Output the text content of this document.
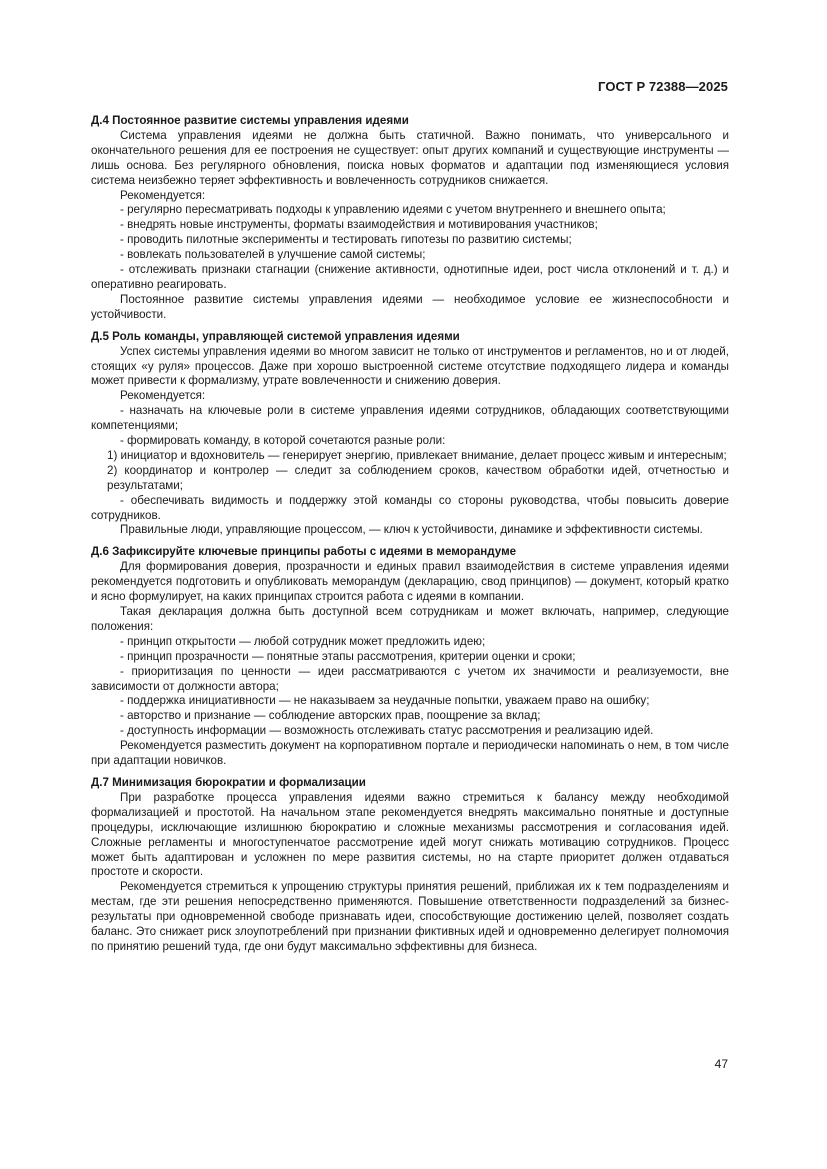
ГОСТ Р 72388—2025

Д.4 Постоянное развитие системы управления идеями

Система управления идеями не должна быть статичной. Важно понимать, что универсального и окончательного решения для ее построения не существует: опыт других компаний и существующие инструменты — лишь основа. Без регулярного обновления, поиска новых форматов и адаптации под изменяющиеся условия система неизбежно теряет эффективность и вовлеченность сотрудников снижается.

Рекомендуется:

- регулярно пересматривать подходы к управлению идеями с учетом внутреннего и внешнего опыта;

- внедрять новые инструменты, форматы взаимодействия и мотивирования участников;

- проводить пилотные эксперименты и тестировать гипотезы по развитию системы;

- вовлекать пользователей в улучшение самой системы;

- отслеживать признаки стагнации (снижение активности, однотипные идеи, рост числа отклонений и т. д.) и оперативно реагировать.

Постоянное развитие системы управления идеями — необходимое условие ее жизнеспособности и устойчивости.

Д.5 Роль команды, управляющей системой управления идеями

Успех системы управления идеями во многом зависит не только от инструментов и регламентов, но и от людей, стоящих «у руля» процессов. Даже при хорошо выстроенной системе отсутствие подходящего лидера и команды может привести к формализму, утрате вовлеченности и снижению доверия.

Рекомендуется:

- назначать на ключевые роли в системе управления идеями сотрудников, обладающих соответствующими компетенциями;

- формировать команду, в которой сочетаются разные роли:

1) инициатор и вдохновитель — генерирует энергию, привлекает внимание, делает процесс живым и интересным;

2) координатор и контролер — следит за соблюдением сроков, качеством обработки идей, отчетностью и результатами;

- обеспечивать видимость и поддержку этой команды со стороны руководства, чтобы повысить доверие сотрудников.

Правильные люди, управляющие процессом, — ключ к устойчивости, динамике и эффективности системы.

Д.6 Зафиксируйте ключевые принципы работы с идеями в меморандуме

Для формирования доверия, прозрачности и единых правил взаимодействия в системе управления идеями рекомендуется подготовить и опубликовать меморандум (декларацию, свод принципов) — документ, который кратко и ясно формулирует, на каких принципах строится работа с идеями в компании.

Такая декларация должна быть доступной всем сотрудникам и может включать, например, следующие положения:

- принцип открытости — любой сотрудник может предложить идею;

- принцип прозрачности — понятные этапы рассмотрения, критерии оценки и сроки;

- приоритизация по ценности — идеи рассматриваются с учетом их значимости и реализуемости, вне зависимости от должности автора;

- поддержка инициативности — не наказываем за неудачные попытки, уважаем право на ошибку;

- авторство и признание — соблюдение авторских прав, поощрение за вклад;

- доступность информации — возможность отслеживать статус рассмотрения и реализацию идей.

Рекомендуется разместить документ на корпоративном портале и периодически напоминать о нем, в том числе при адаптации новичков.

Д.7 Минимизация бюрократии и формализации

При разработке процесса управления идеями важно стремиться к балансу между необходимой формализацией и простотой. На начальном этапе рекомендуется внедрять максимально понятные и доступные процедуры, исключающие излишнюю бюрократию и сложные механизмы рассмотрения и согласования идей. Сложные регламенты и многоступенчатое рассмотрение идей могут снижать мотивацию сотрудников. Процесс может быть адаптирован и усложнен по мере развития системы, но на старте приоритет должен отдаваться простоте и скорости.

Рекомендуется стремиться к упрощению структуры принятия решений, приближая их к тем подразделениям и местам, где эти решения непосредственно применяются. Повышение ответственности подразделений за бизнес-результаты при одновременной свободе признавать идеи, способствующие достижению целей, позволяет создать баланс. Это снижает риск злоупотреблений при признании фиктивных идей и одновременно делегирует полномочия по принятию решений туда, где они будут максимально эффективны для бизнеса.

47
